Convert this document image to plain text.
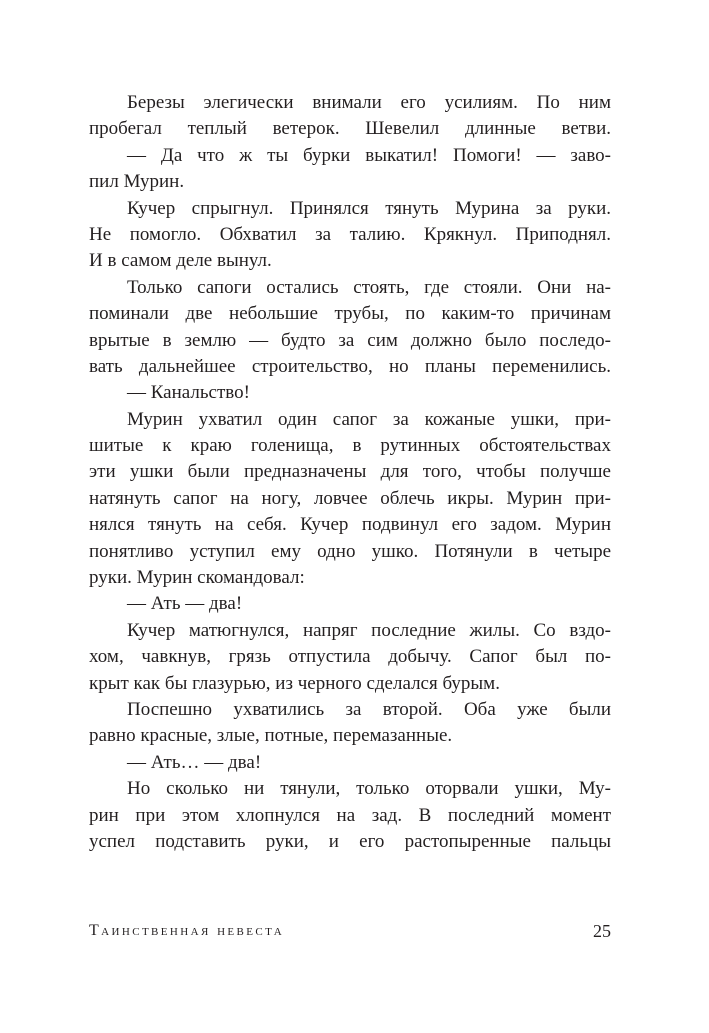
Березы элегически внимали его усилиям. По ним
пробегал теплый ветерок. Шевелил длинные ветви.
— Да что ж ты бурки выкатил! Помоги! — заво-
пил Мурин.
Кучер спрыгнул. Принялся тянуть Мурина за руки.
Не помогло. Обхватил за талию. Крякнул. Приподнял.
И в самом деле вынул.
Только сапоги остались стоять, где стояли. Они на-
поминали две небольшие трубы, по каким-то причинам
врытые в землю — будто за сим должно было последо-
вать дальнейшее строительство, но планы переменились.
— Канальство!
Мурин ухватил один сапог за кожаные ушки, при-
шитые к краю голенища, в рутинных обстоятельствах
эти ушки были предназначены для того, чтобы получше
натянуть сапог на ногу, ловчее облечь икры. Мурин при-
нялся тянуть на себя. Кучер подвинул его задом. Мурин
понятливо уступил ему одно ушко. Потянули в четыре
руки. Мурин скомандовал:
— Ать — два!
Кучер матюгнулся, напряг последние жилы. Со вздо-
хом, чавкнув, грязь отпустила добычу. Сапог был по-
крыт как бы глазурью, из черного сделался бурым.
Поспешно ухватились за второй. Оба уже были
равно красные, злые, потные, перемазанные.
— Ать… — два!
Но сколько ни тянули, только оторвали ушки, Му-
рин при этом хлопнулся на зад. В последний момент
успел подставить руки, и его растопыренные пальцы
Таинственная невеста	25
